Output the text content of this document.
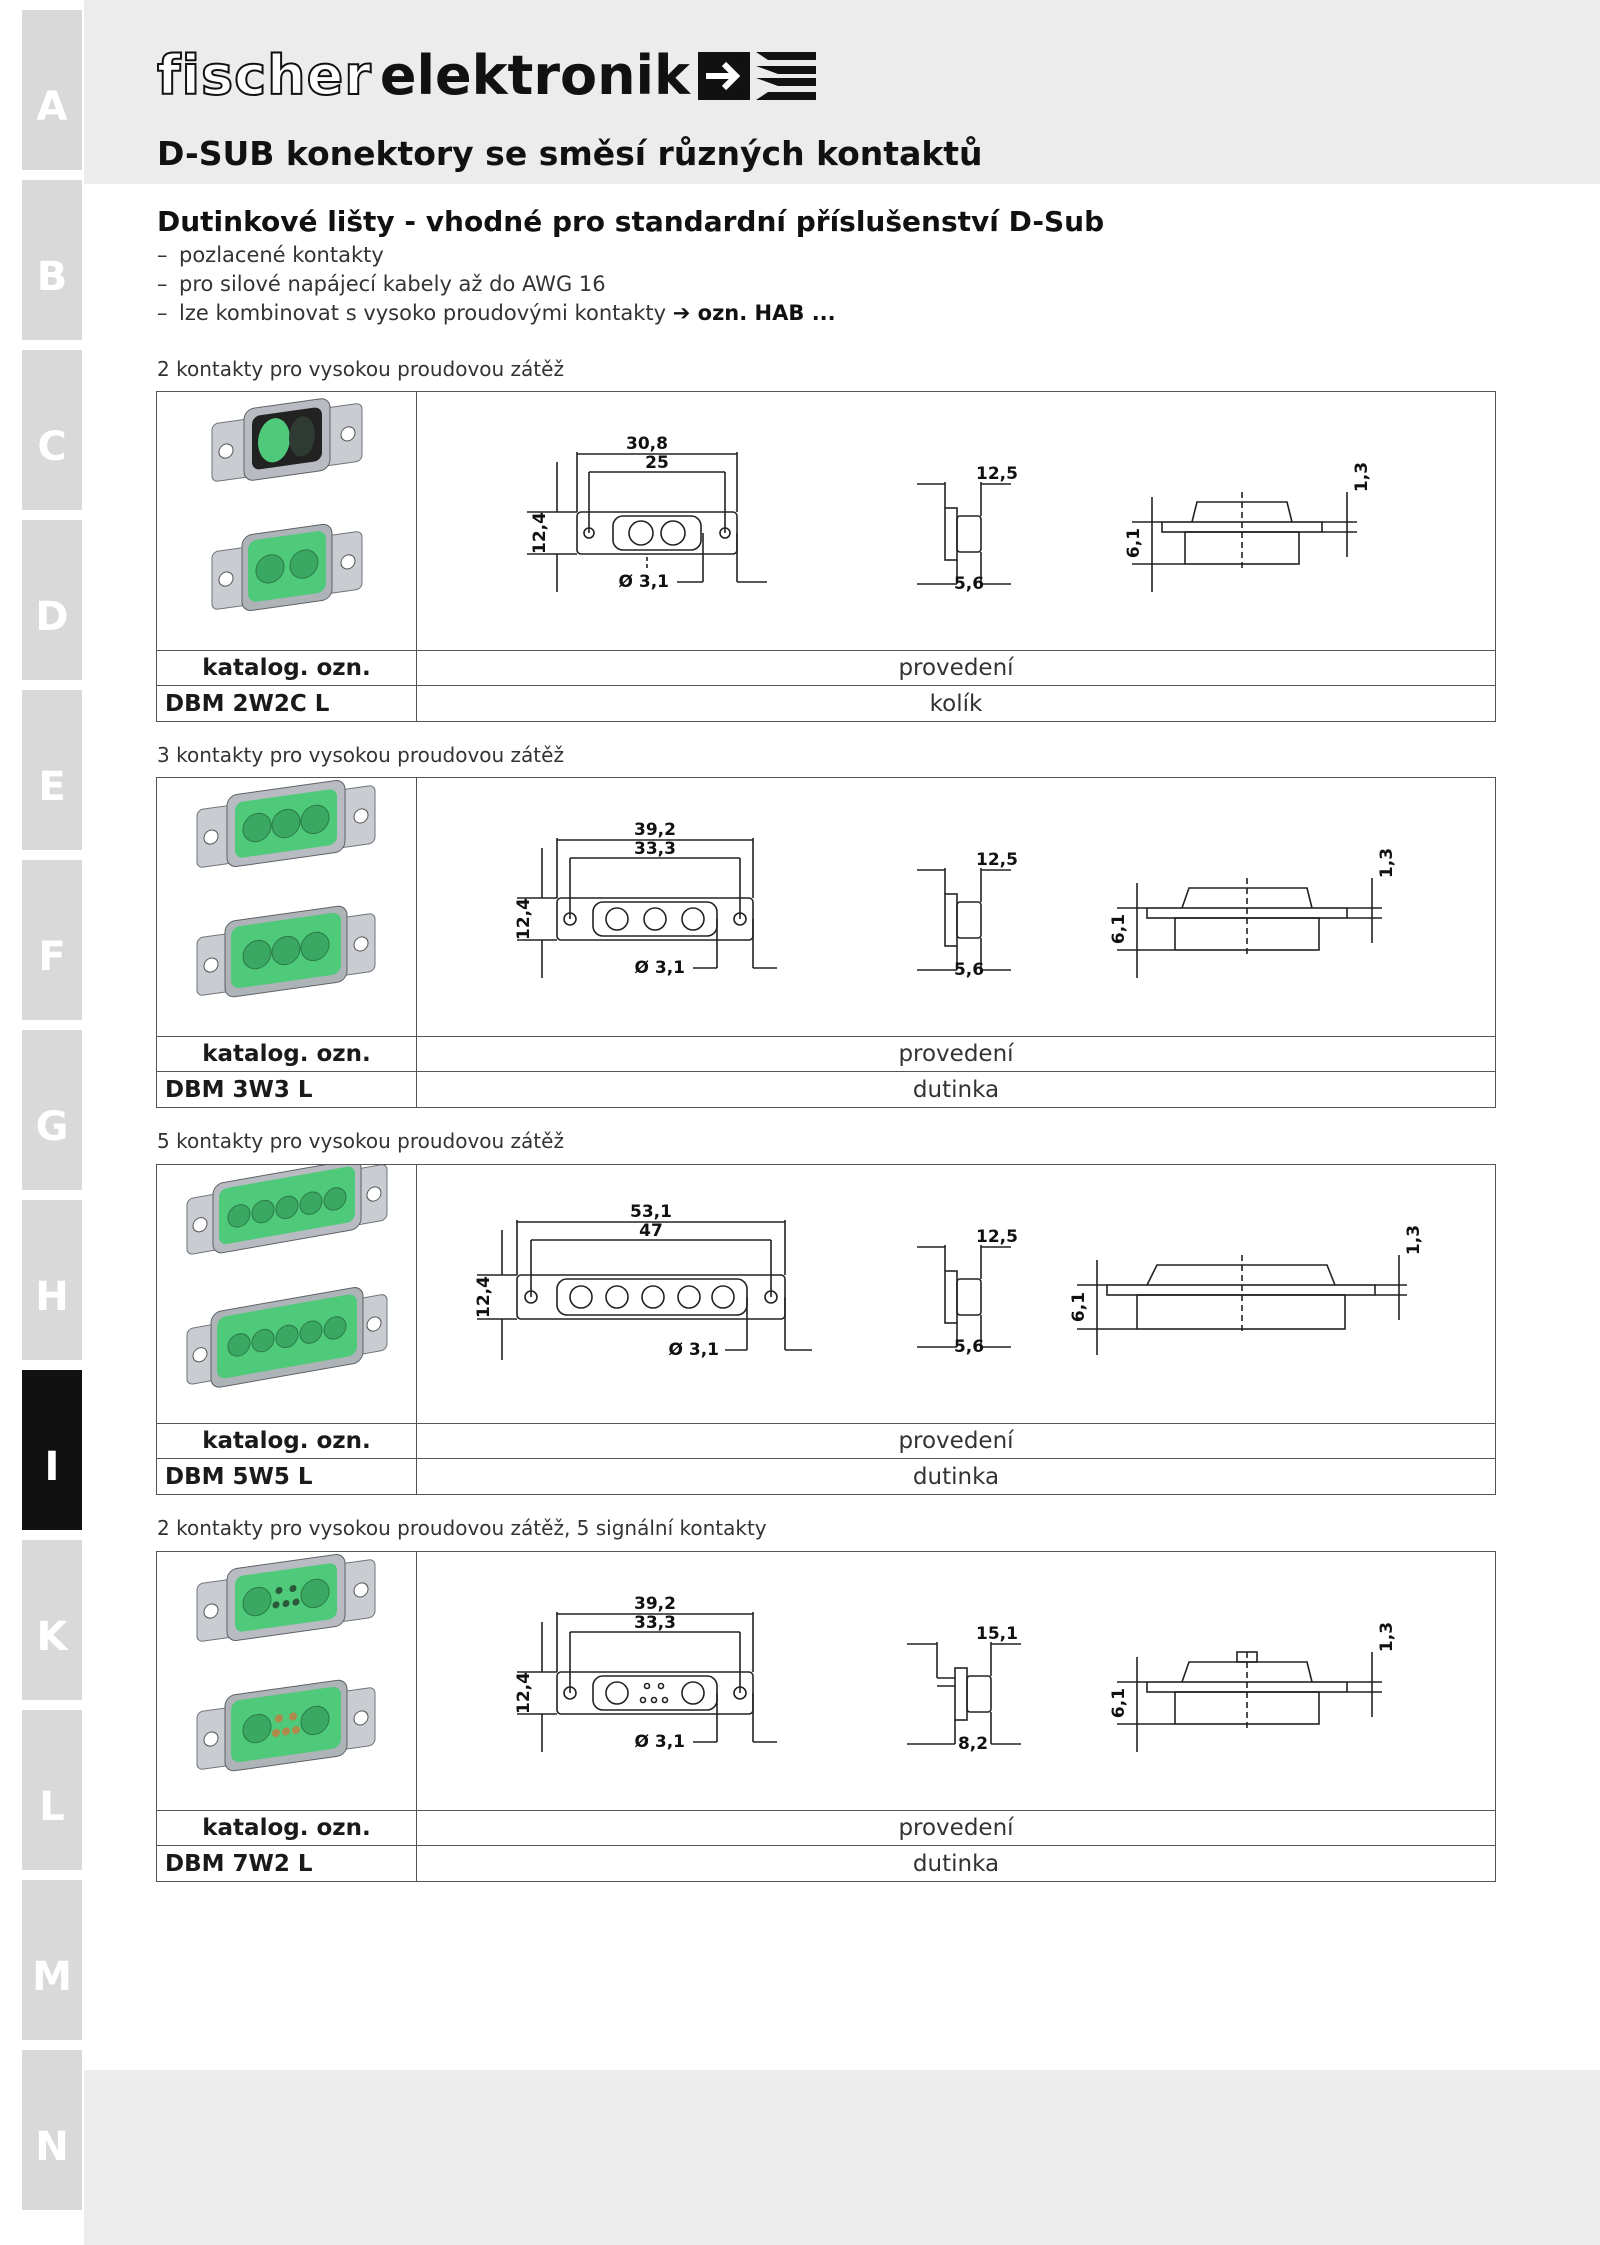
A
B
C
D
E
F
G
H
I
K
L
M
N
fischer elektronik
D-SUB konektory se směsí různých kontaktů
Dutinkové lišty - vhodné pro standardní příslušenství D-Sub
– pozlacené kontakty
– pro silové napájecí kabely až do AWG 16
– lze kombinovat s vysoko proudovými kontakty ➔ ozn. HAB ...
2 kontakty pro vysokou proudovou zátěž
30,8
25
12,4
Ø 3,1
12,5
5,6
6,1
1,3
katalog. ozn.	provedení
DBM 2W2C L	kolík
3 kontakty pro vysokou proudovou zátěž
39,2
33,3
12,4
Ø 3,1
12,5
5,6
6,1
1,3
katalog. ozn.	provedení
DBM 3W3 L	dutinka
5 kontakty pro vysokou proudovou zátěž
53,1
47
12,4
Ø 3,1
12,5
5,6
6,1
1,3
katalog. ozn.	provedení
DBM 5W5 L	dutinka
2 kontakty pro vysokou proudovou zátěž, 5 signální kontakty
39,2
33,3
12,4
Ø 3,1
15,1
8,2
6,1
1,3
katalog. ozn.	provedení
DBM 7W2 L	dutinka
